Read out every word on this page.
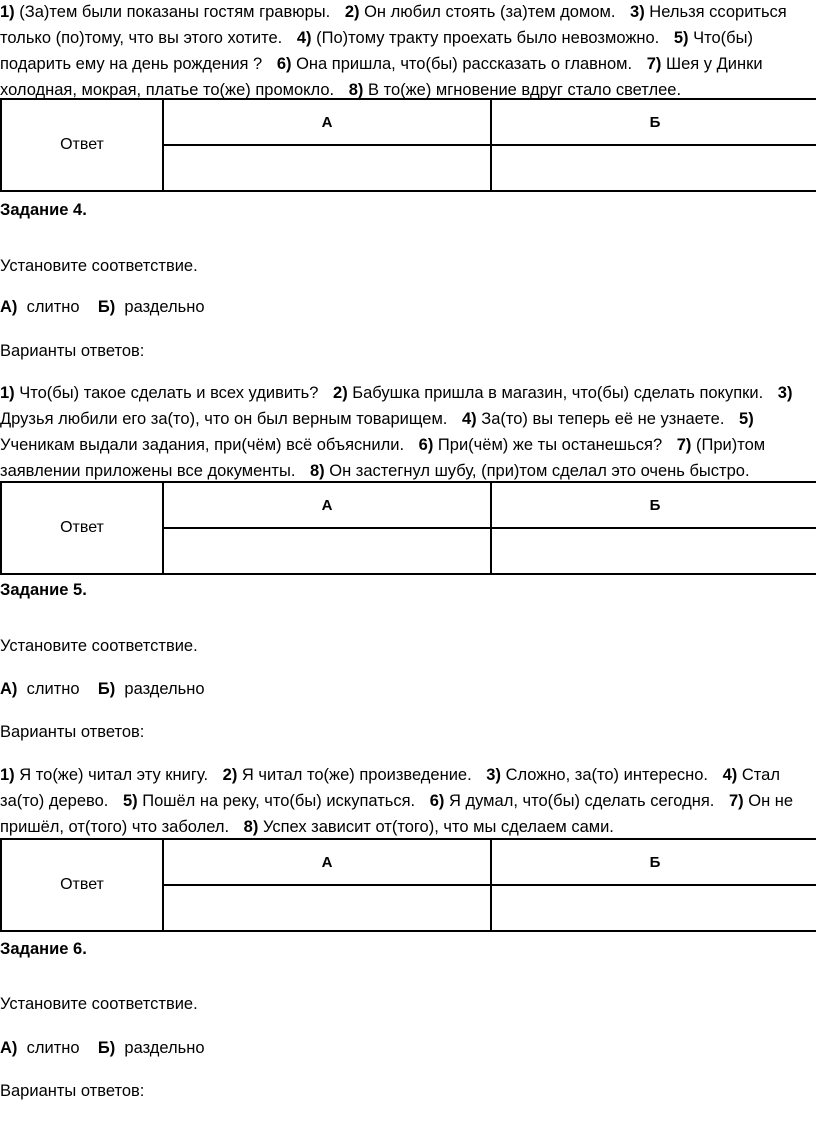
1) (За)тем были показаны гостям гравюры. 2) Он любил стоять (за)тем домом. 3) Нельзя ссориться только (по)тому, что вы этого хотите. 4) (По)тому тракту проехать было невозможно. 5) Что(бы) подарить ему на день рождения ? 6) Она пришла, что(бы) рассказать о главном. 7) Шея у Динки холодная, мокрая, платье то(же) промокло. 8) В то(же) мгновение вдруг стало светлее.
Ответ	А	Б

Задание 4.
Установите соответствие.
А) слитно Б) раздельно
Варианты ответов:
1) Что(бы) такое сделать и всех удивить? 2) Бабушка пришла в магазин, что(бы) сделать покупки. 3) Друзья любили его за(то), что он был верным товарищем. 4) За(то) вы теперь её не узнаете. 5) Ученикам выдали задания, при(чём) всё объяснили. 6) При(чём) же ты останешься? 7) (При)том заявлении приложены все документы. 8) Он застегнул шубу, (при)том сделал это очень быстро.
Ответ	А	Б

Задание 5.
Установите соответствие.
А) слитно Б) раздельно
Варианты ответов:
1) Я то(же) читал эту книгу. 2) Я читал то(же) произведение. 3) Сложно, за(то) интересно. 4) Стал за(то) дерево. 5) Пошёл на реку, что(бы) искупаться. 6) Я думал, что(бы) сделать сегодня. 7) Он не пришёл, от(того) что заболел. 8) Успех зависит от(того), что мы сделаем сами.
Ответ	А	Б

Задание 6.
Установите соответствие.
А) слитно Б) раздельно
Варианты ответов:
